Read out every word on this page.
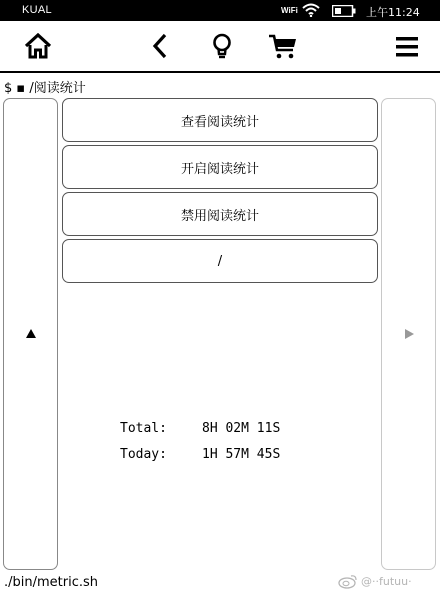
KUAL	WiFi	上午11:24
$ ▪ /阅读统计
查看阅读统计
开启阅读统计
禁用阅读统计
/
Total:	8H 02M 11S
Today:	1H 57M 45S
./bin/metric.sh	@··futuu·
